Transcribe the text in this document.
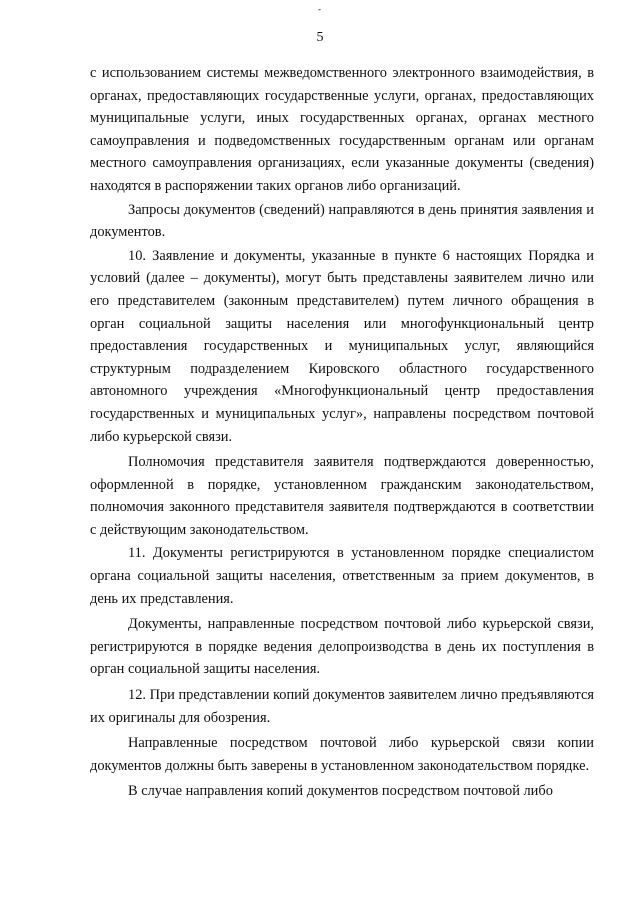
-
5

с использованием системы межведомственного электронного взаимодействия, в органах, предоставляющих государственные услуги, органах, предоставляющих муниципальные услуги, иных государственных органах, органах местного самоуправления и подведомственных государственным органам или органам местного самоуправления организациях, если указанные документы (сведения) находятся в распоряжении таких органов либо организаций.

Запросы документов (сведений) направляются в день принятия заявления и документов.

10. Заявление и документы, указанные в пункте 6 настоящих Порядка и условий (далее – документы), могут быть представлены заявителем лично или его представителем (законным представителем) путем личного обращения в орган социальной защиты населения или многофункциональный центр предоставления государственных и муниципальных услуг, являющийся структурным подразделением Кировского областного государственного автономного учреждения «Многофункциональный центр предоставления государственных и муниципальных услуг», направлены посредством почтовой либо курьерской связи.

Полномочия представителя заявителя подтверждаются доверенностью, оформленной в порядке, установленном гражданским законодательством, полномочия законного представителя заявителя подтверждаются в соответствии с действующим законодательством.

11. Документы регистрируются в установленном порядке специалистом органа социальной защиты населения, ответственным за прием документов, в день их представления.

Документы, направленные посредством почтовой либо курьерской связи, регистрируются в порядке ведения делопроизводства в день их поступления в орган социальной защиты населения.

12. При представлении копий документов заявителем лично предъявляются их оригиналы для обозрения.

Направленные посредством почтовой либо курьерской связи копии документов должны быть заверены в установленном законодательством порядке.

В случае направления копий документов посредством почтовой либо
